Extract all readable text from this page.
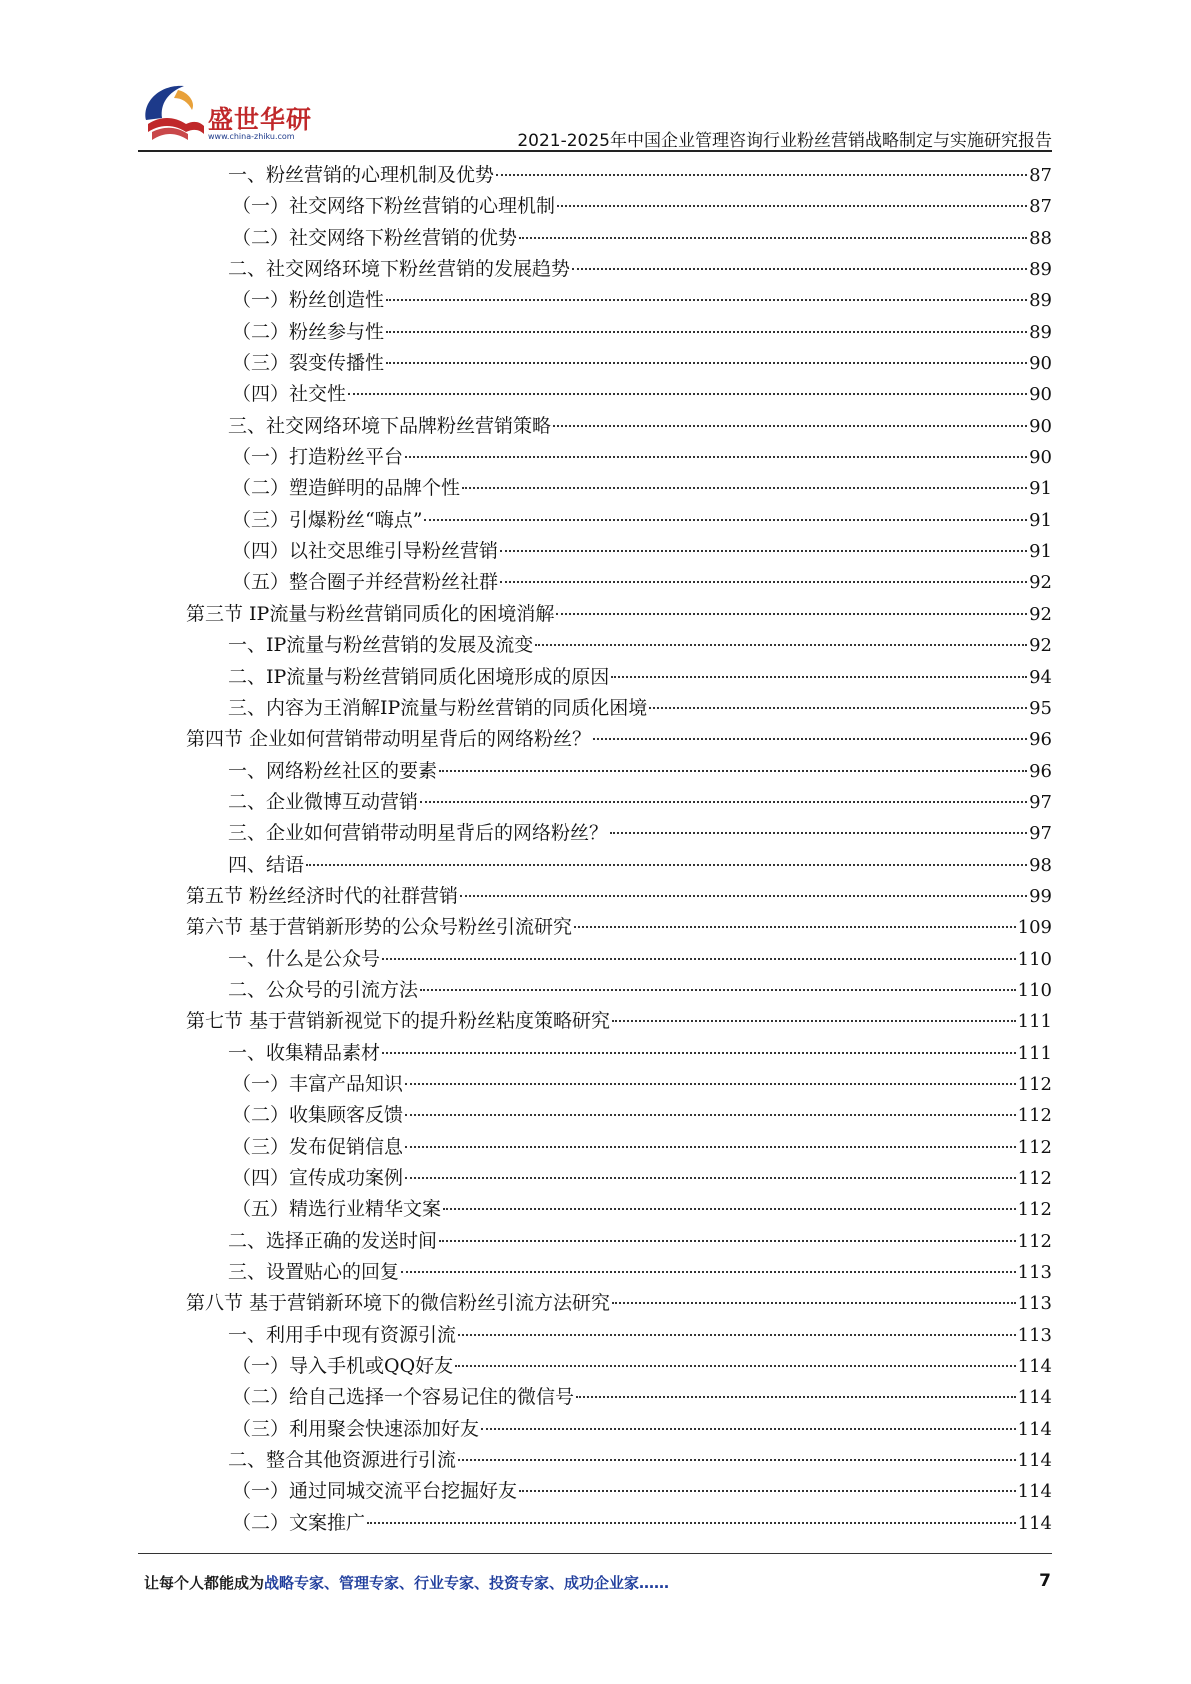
盛世华研
www.china-zhiku.com	2021-2025年中国企业管理咨询行业粉丝营销战略制定与实施研究报告
一、粉丝营销的心理机制及优势	87
（一）社交网络下粉丝营销的心理机制	87
（二）社交网络下粉丝营销的优势	88
二、社交网络环境下粉丝营销的发展趋势	89
（一）粉丝创造性	89
（二）粉丝参与性	89
（三）裂变传播性	90
（四）社交性	90
三、社交网络环境下品牌粉丝营销策略	90
（一）打造粉丝平台	90
（二）塑造鲜明的品牌个性	91
（三）引爆粉丝“嗨点”	91
（四）以社交思维引导粉丝营销	91
（五）整合圈子并经营粉丝社群	92
第三节 IP流量与粉丝营销同质化的困境消解	92
一、IP流量与粉丝营销的发展及流变	92
二、IP流量与粉丝营销同质化困境形成的原因	94
三、内容为王消解IP流量与粉丝营销的同质化困境	95
第四节 企业如何营销带动明星背后的网络粉丝？	96
一、网络粉丝社区的要素	96
二、企业微博互动营销	97
三、企业如何营销带动明星背后的网络粉丝？	97
四、结语	98
第五节 粉丝经济时代的社群营销	99
第六节 基于营销新形势的公众号粉丝引流研究	109
一、什么是公众号	110
二、公众号的引流方法	110
第七节 基于营销新视觉下的提升粉丝粘度策略研究	111
一、收集精品素材	111
（一）丰富产品知识	112
（二）收集顾客反馈	112
（三）发布促销信息	112
（四）宣传成功案例	112
（五）精选行业精华文案	112
二、选择正确的发送时间	112
三、设置贴心的回复	113
第八节 基于营销新环境下的微信粉丝引流方法研究	113
一、利用手中现有资源引流	113
（一）导入手机或QQ好友	114
（二）给自己选择一个容易记住的微信号	114
（三）利用聚会快速添加好友	114
二、整合其他资源进行引流	114
（一）通过同城交流平台挖掘好友	114
（二）文案推广	114
让每个人都能成为战略专家、管理专家、行业专家、投资专家、成功企业家……	7
